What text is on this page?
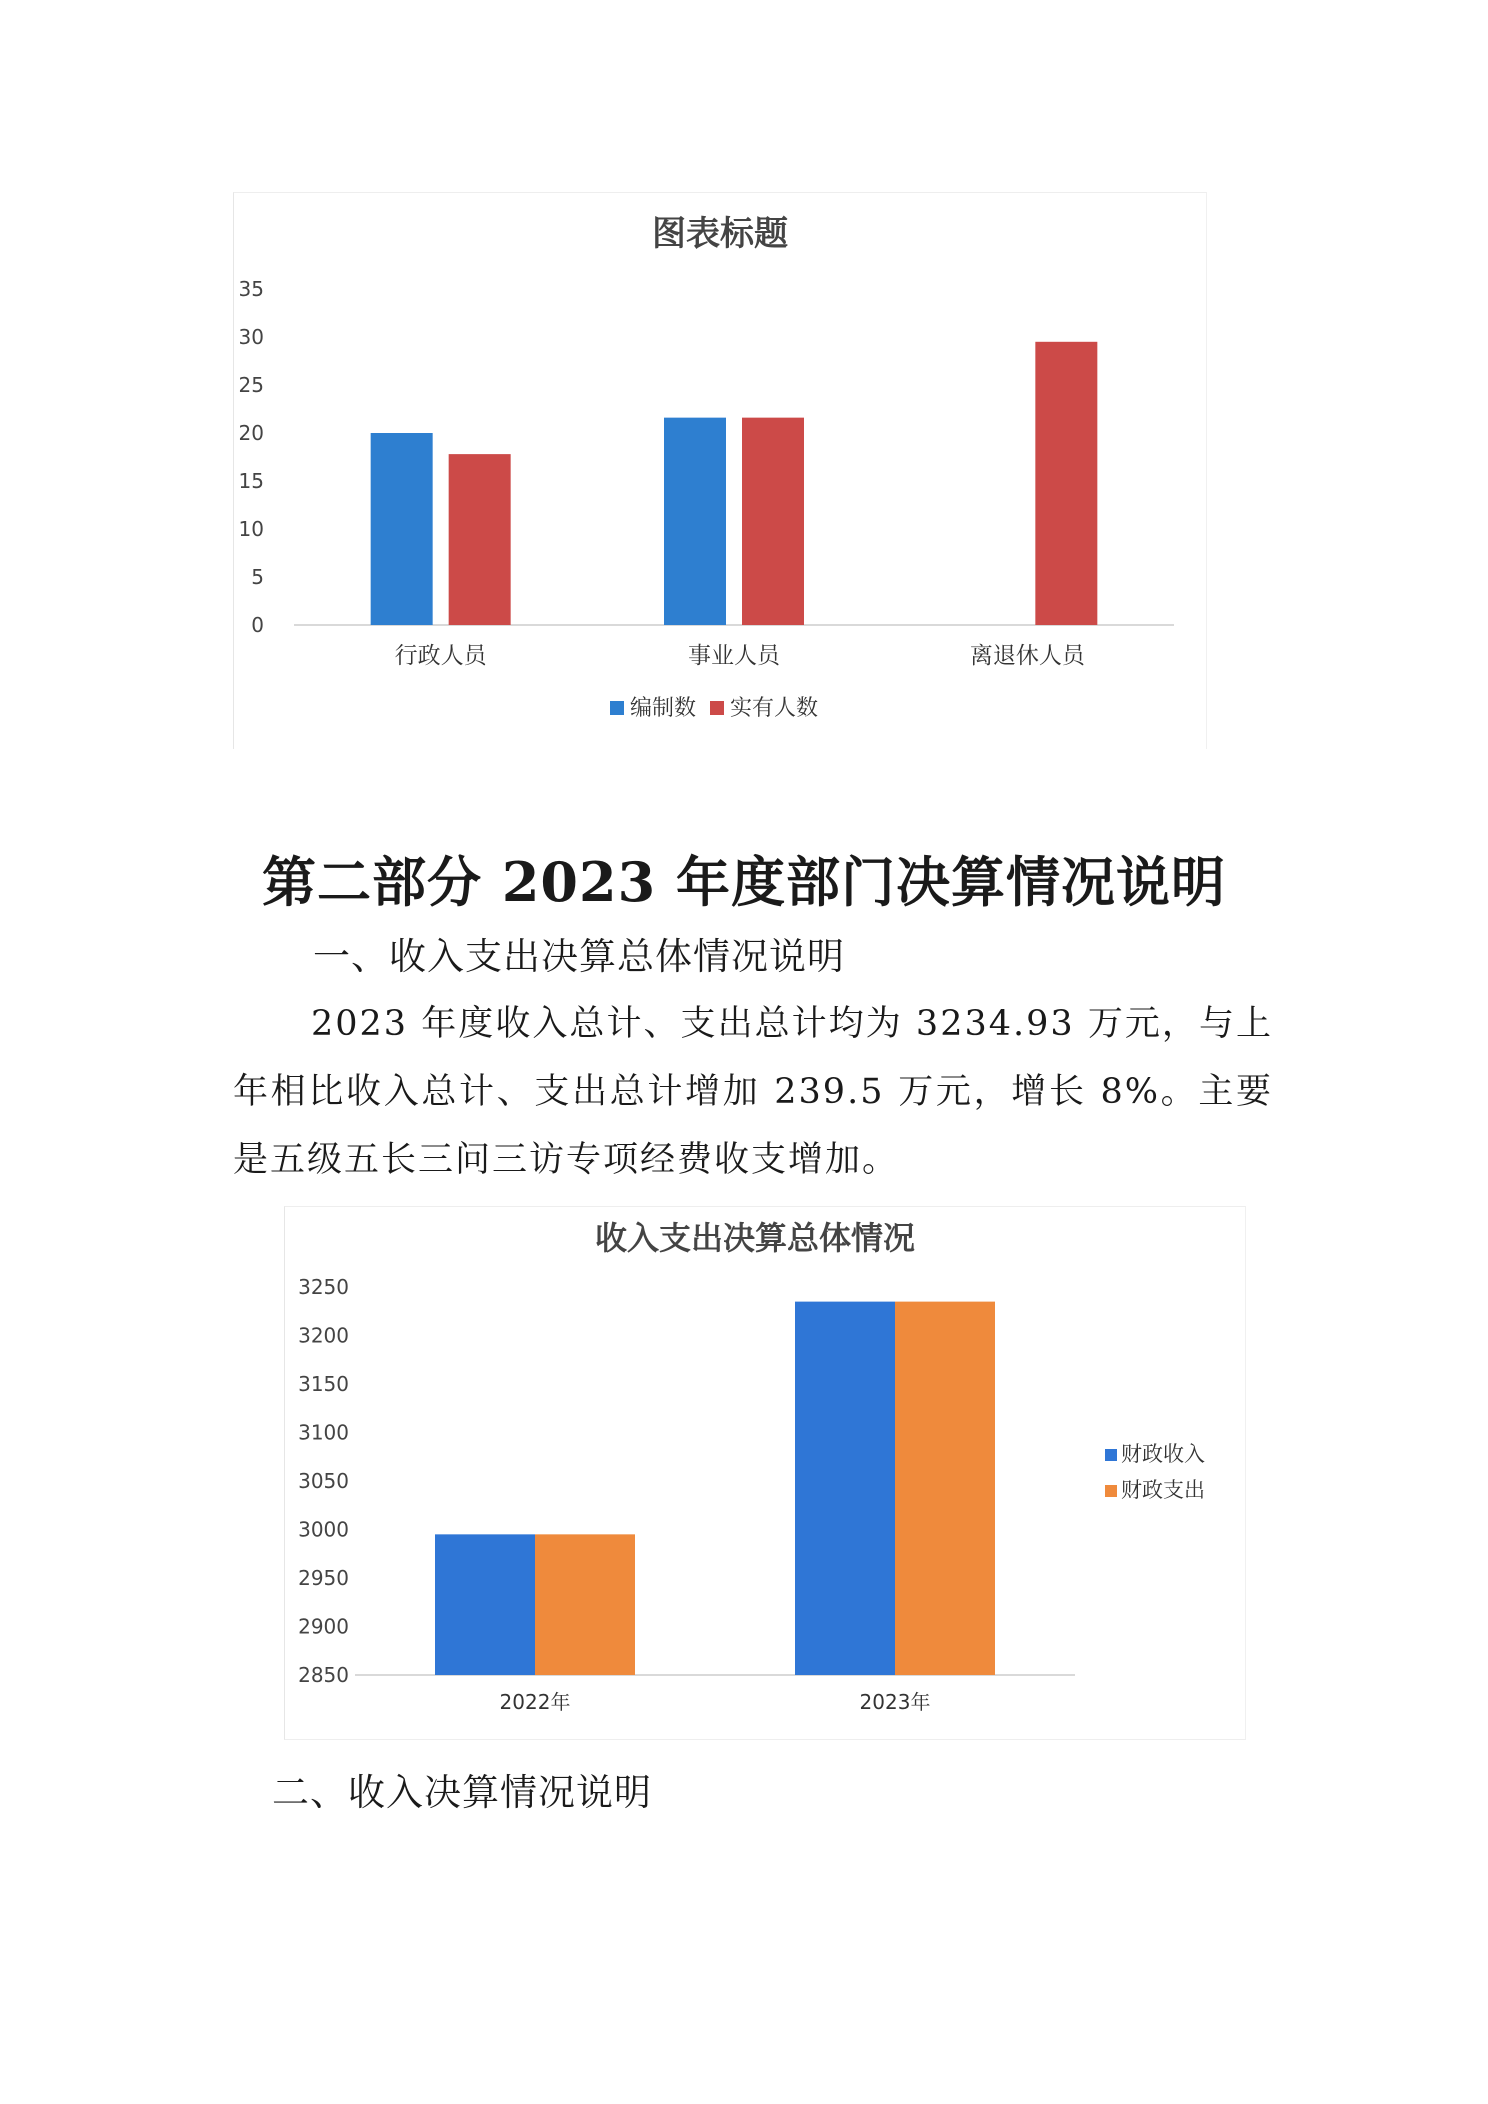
图表标题
0
5
10
15
20
25
30
35
行政人员	事业人员	离退休人员
编制数 实有人数
第二部分 2023 年度部门决算情况说明
一、收入支出决算总体情况说明

2023 年度收入总计、支出总计均为 3234.93 万元，与上年相比收入总计、支出总计增加 239.5 万元，增长 8%。主要是五级五长三问三访专项经费收支增加。

收入支出决算总体情况
2850
2900
2950
3000
3050
3100
3150
3200
3250
2022年	2023年
财政收入
财政支出
二、收入决算情况说明
